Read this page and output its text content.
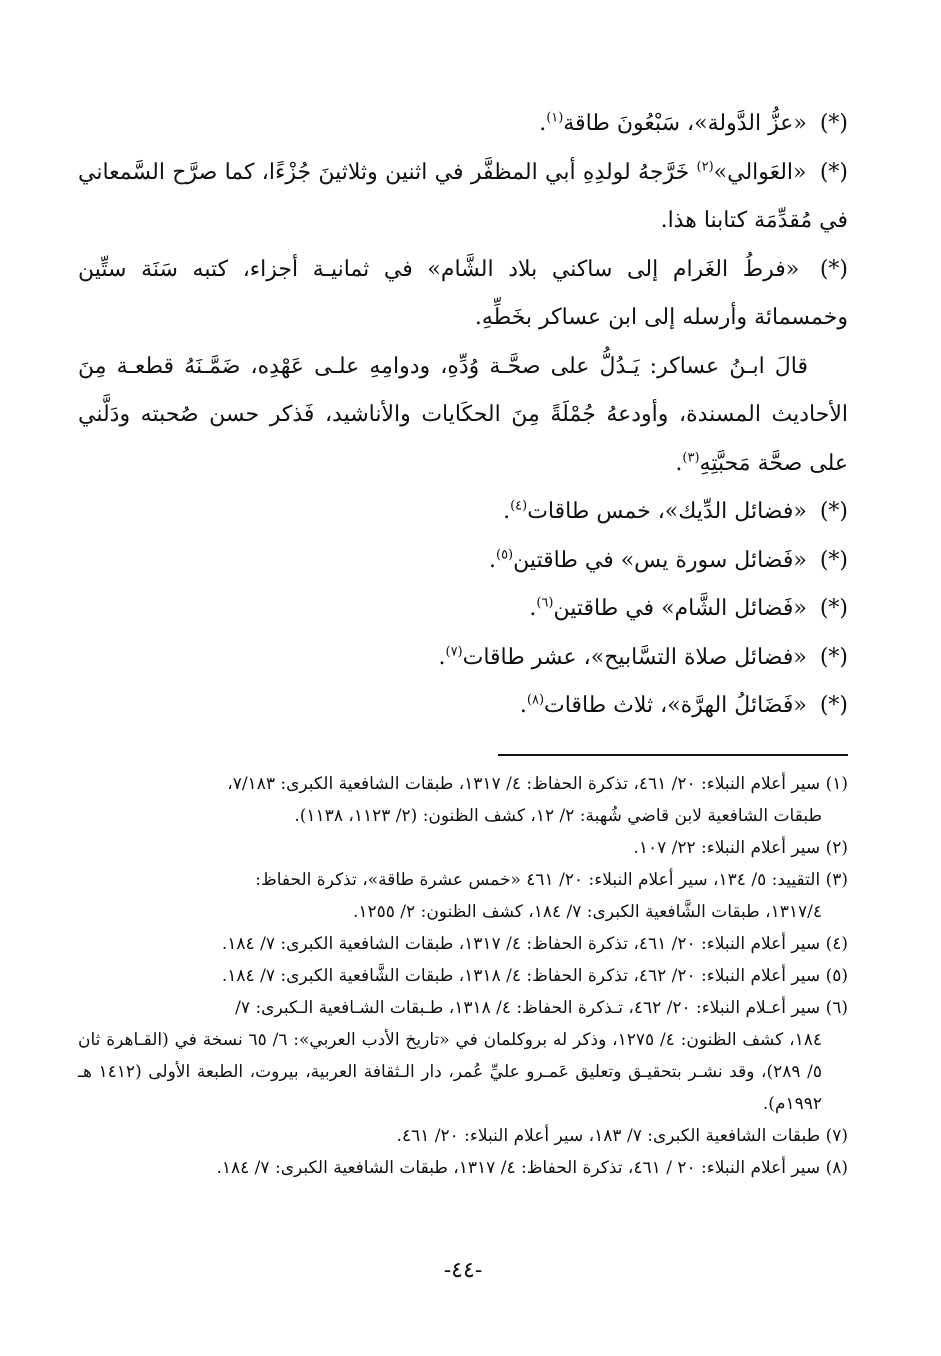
(*) «عزُّ الدَّولة»، سَبْعُونَ طاقة$^{(١)}$.

(*) «العَوالي»$^{(٢)}$ خَرَّجهُ لولدِهِ أبي المظفَّر في اثنين وثلاثينَ جُزْءًا، كما صرَّح السَّمعاني في مُقدِّمَة كتابنا هذا.

(*) «فرطُ الغَرام إلى ساكني بلاد الشَّام» في ثمانيـة أجزاء، كتبه سَنَة ستِّين وخمسمائة وأرسله إلى ابن عساكر بخَطِّهِ.

قالَ ابـنُ عساكر: يَـدُلُّ على صحَّـة وُدِّهِ، ودوامِهِ علـى عَهْدِه، ضَمَّـنَهُ قطعـة مِنَ الأحاديث المسندة، وأودعهُ جُمْلَةً مِنَ الحكَايات والأناشيد، فَذكر حسن صُحبته ودَلَّني على صحَّة مَحبَّتِهِ$^{(٣)}$.

(*) «فضائل الدِّيك»، خمس طاقات$^{(٤)}$.

(*) «فَضائل سورة يس» في طاقتين$^{(٥)}$.

(*) «فَضائل الشَّام» في طاقتين$^{(٦)}$.

(*) «فضائل صلاة التسَّابيح»، عشر طاقات$^{(٧)}$.

(*) «فَضَائلُ الهرَّة»، ثلاث طاقات$^{(٨)}$.

(١) سير أعلام النبلاء: ٢٠/ ٤٦١، تذكرة الحفاظ: ٤/ ١٣١٧، طبقات الشافعية الكبرى: ٧/١٨٣،
طبقات الشافعية لابن قاضي شُهبة: ٢/ ١٢، كشف الظنون: (٢/ ١١٢٣، ١١٣٨).

(٢) سير أعلام النبلاء: ٢٢/ ١٠٧.

(٣) التقييد: ٥/ ١٣٤، سير أعلام النبلاء: ٢٠/ ٤٦١ «خمس عشرة طاقة»، تذكرة الحفاظ:
١٣١٧/٤، طبقات الشَّافعية الكبرى: ٧/ ١٨٤، كشف الظنون: ٢/ ١٢٥٥.

(٤) سير أعلام النبلاء: ٢٠/ ٤٦١، تذكرة الحفاظ: ٤/ ١٣١٧، طبقات الشافعية الكبرى: ٧/ ١٨٤.

(٥) سير أعلام النبلاء: ٢٠/ ٤٦٢، تذكرة الحفاظ: ٤/ ١٣١٨، طبقات الشَّافعية الكبرى: ٧/ ١٨٤.

(٦) سير أعـلام النبلاء: ٢٠/ ٤٦٢، تـذكرة الحفاظ: ٤/ ١٣١٨، طـبقات الشـافعية الـكبرى: ٧/
١٨٤، كشف الظنون: ٤/ ١٢٧٥، وذكر له بروكلمان في «تاريخ الأدب العربي»: ٦/ ٦٥ نسخة في (القـاهرة ثان ٥/ ٢٨٩)، وقد نشـر بتحقيـق وتعليق عَمـرو عليِّ عُمر، دار الـثقافة العربية، بيروت، الطبعة الأولى (١٤١٢ هـ ١٩٩٢م).

(٧) طبقات الشافعية الكبرى: ٧/ ١٨٣، سير أعلام النبلاء: ٢٠/ ٤٦١.

(٨) سير أعلام النبلاء: ٢٠ / ٤٦١، تذكرة الحفاظ: ٤/ ١٣١٧، طبقات الشافعية الكبرى: ٧/ ١٨٤.

-٤٤-
